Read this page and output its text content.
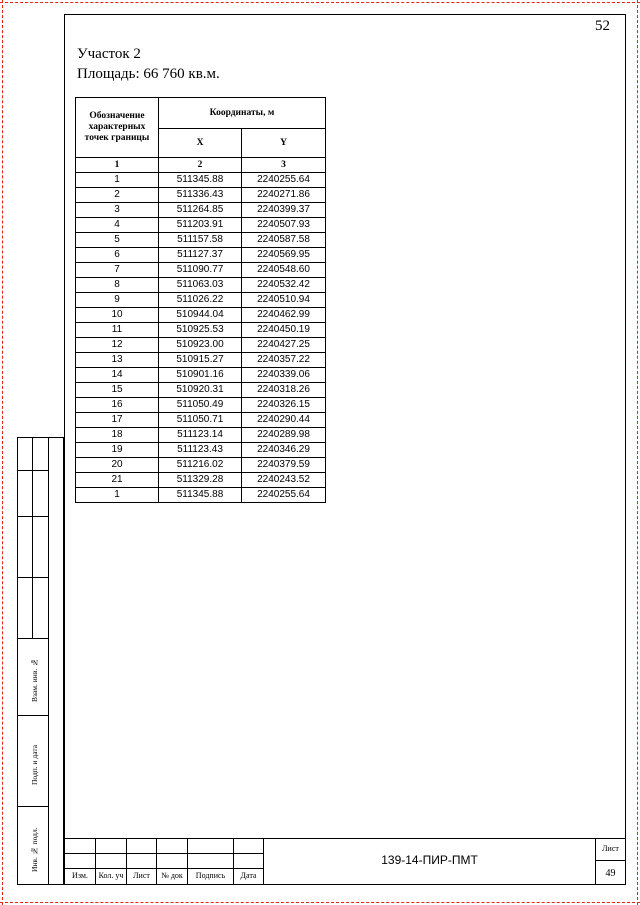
52
Участок 2
Площадь: 66 760 кв.м.
Обозначение характерных точек границы	Координаты, м	
	X	Y
1	2	3
1	511345.88	2240255.64
2	511336.43	2240271.86
3	511264.85	2240399.37
4	511203.91	2240507.93
5	511157.58	2240587.58
6	511127.37	2240569.95
7	511090.77	2240548.60
8	511063.03	2240532.42
9	511026.22	2240510.94
10	510944.04	2240462.99
11	510925.53	2240450.19
12	510923.00	2240427.25
13	510915.27	2240357.22
14	510901.16	2240339.06
15	510920.31	2240318.26
16	511050.49	2240326.15
17	511050.71	2240290.44
18	511123.14	2240289.98
19	511123.43	2240346.29
20	511216.02	2240379.59
21	511329.28	2240243.52
1	511345.88	2240255.64
Взам. инв. №
Подп. и дата
Инв. № подл.
Изм.	Кол. уч	Лист	№ док	Подпись	Дата
139-14-ПИР-ПМТ
Лист
49
